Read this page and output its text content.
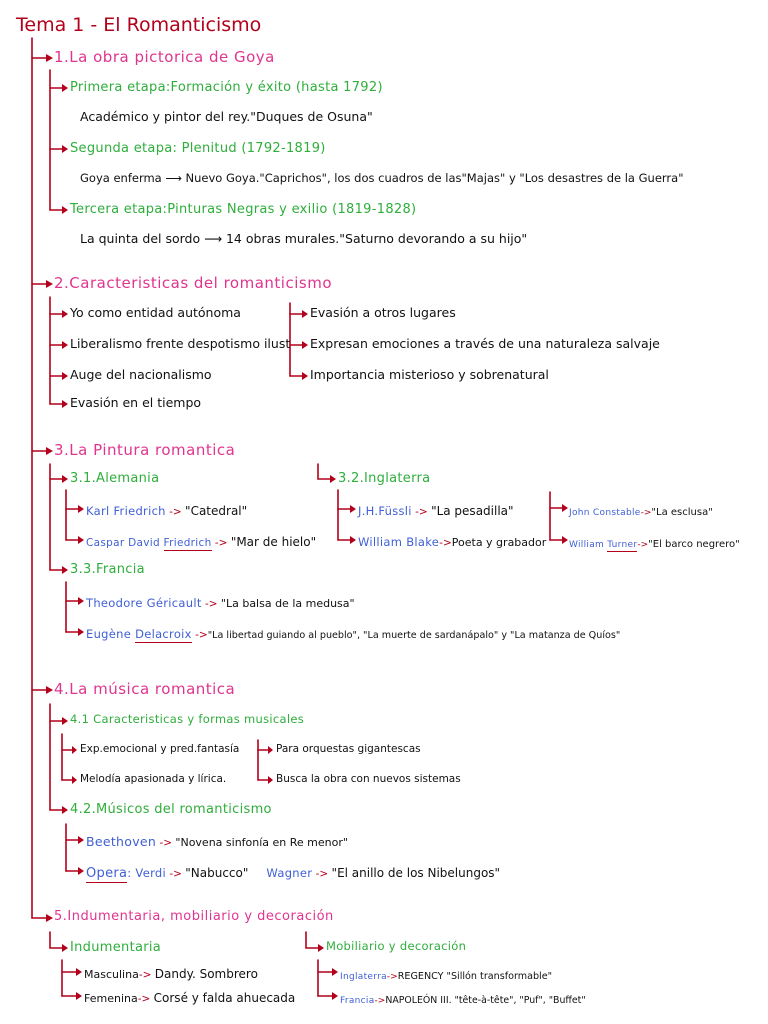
Tema 1 - El Romanticismo
1.La obra pictorica de Goya
Primera etapa:Formación y éxito (hasta 1792)
Académico y pintor del rey."Duques de Osuna"
Segunda etapa: Plenitud (1792-1819)
Goya enferma ⟶ Nuevo Goya."Caprichos", los dos cuadros de las"Majas" y "Los desastres de la Guerra"
Tercera etapa:Pinturas Negras y exilio (1819-1828)
La quinta del sordo ⟶ 14 obras murales."Saturno devorando a su hijo"
2.Caracteristicas del romanticismo
Yo como entidad autónoma
Liberalismo frente despotismo ilust
Auge del nacionalismo
Evasión en el tiempo
Evasión a otros lugares
Expresan emociones a través de una naturaleza salvaje
Importancia misterioso y sobrenatural
3.La Pintura romantica
3.1.Alemania
Karl Friedrich -> "Catedral"
Caspar David Friedrich -> "Mar de hielo"
3.2.Inglaterra
J.H.Füssli -> "La pesadilla"
William Blake->Poeta y grabador
John Constable->"La esclusa"
William Turner->"El barco negrero"
3.3.Francia
Theodore Géricault -> "La balsa de la medusa"
Eugène Delacroix ->"La libertad guiando al pueblo", "La muerte de sardanápalo" y "La matanza de Quíos"
4.La música romantica
4.1 Caracteristicas y formas musicales
Exp.emocional y pred.fantasía
Melodía apasionada y lírica.
Para orquestas gigantescas
Busca la obra con nuevos sistemas
4.2.Músicos del romanticismo
Beethoven -> "Novena sinfonía en Re menor"
Opera: Verdi -> "Nabucco" Wagner -> "El anillo de los Nibelungos"
5.Indumentaria, mobiliario y decoración
Indumentaria
Masculina-> Dandy. Sombrero
Femenina-> Corsé y falda ahuecada
Mobiliario y decoración
Inglaterra->REGENCY "Sillón transformable"
Francia->NAPOLEÓN III. "tête-à-tête", "Puf", "Buffet"
